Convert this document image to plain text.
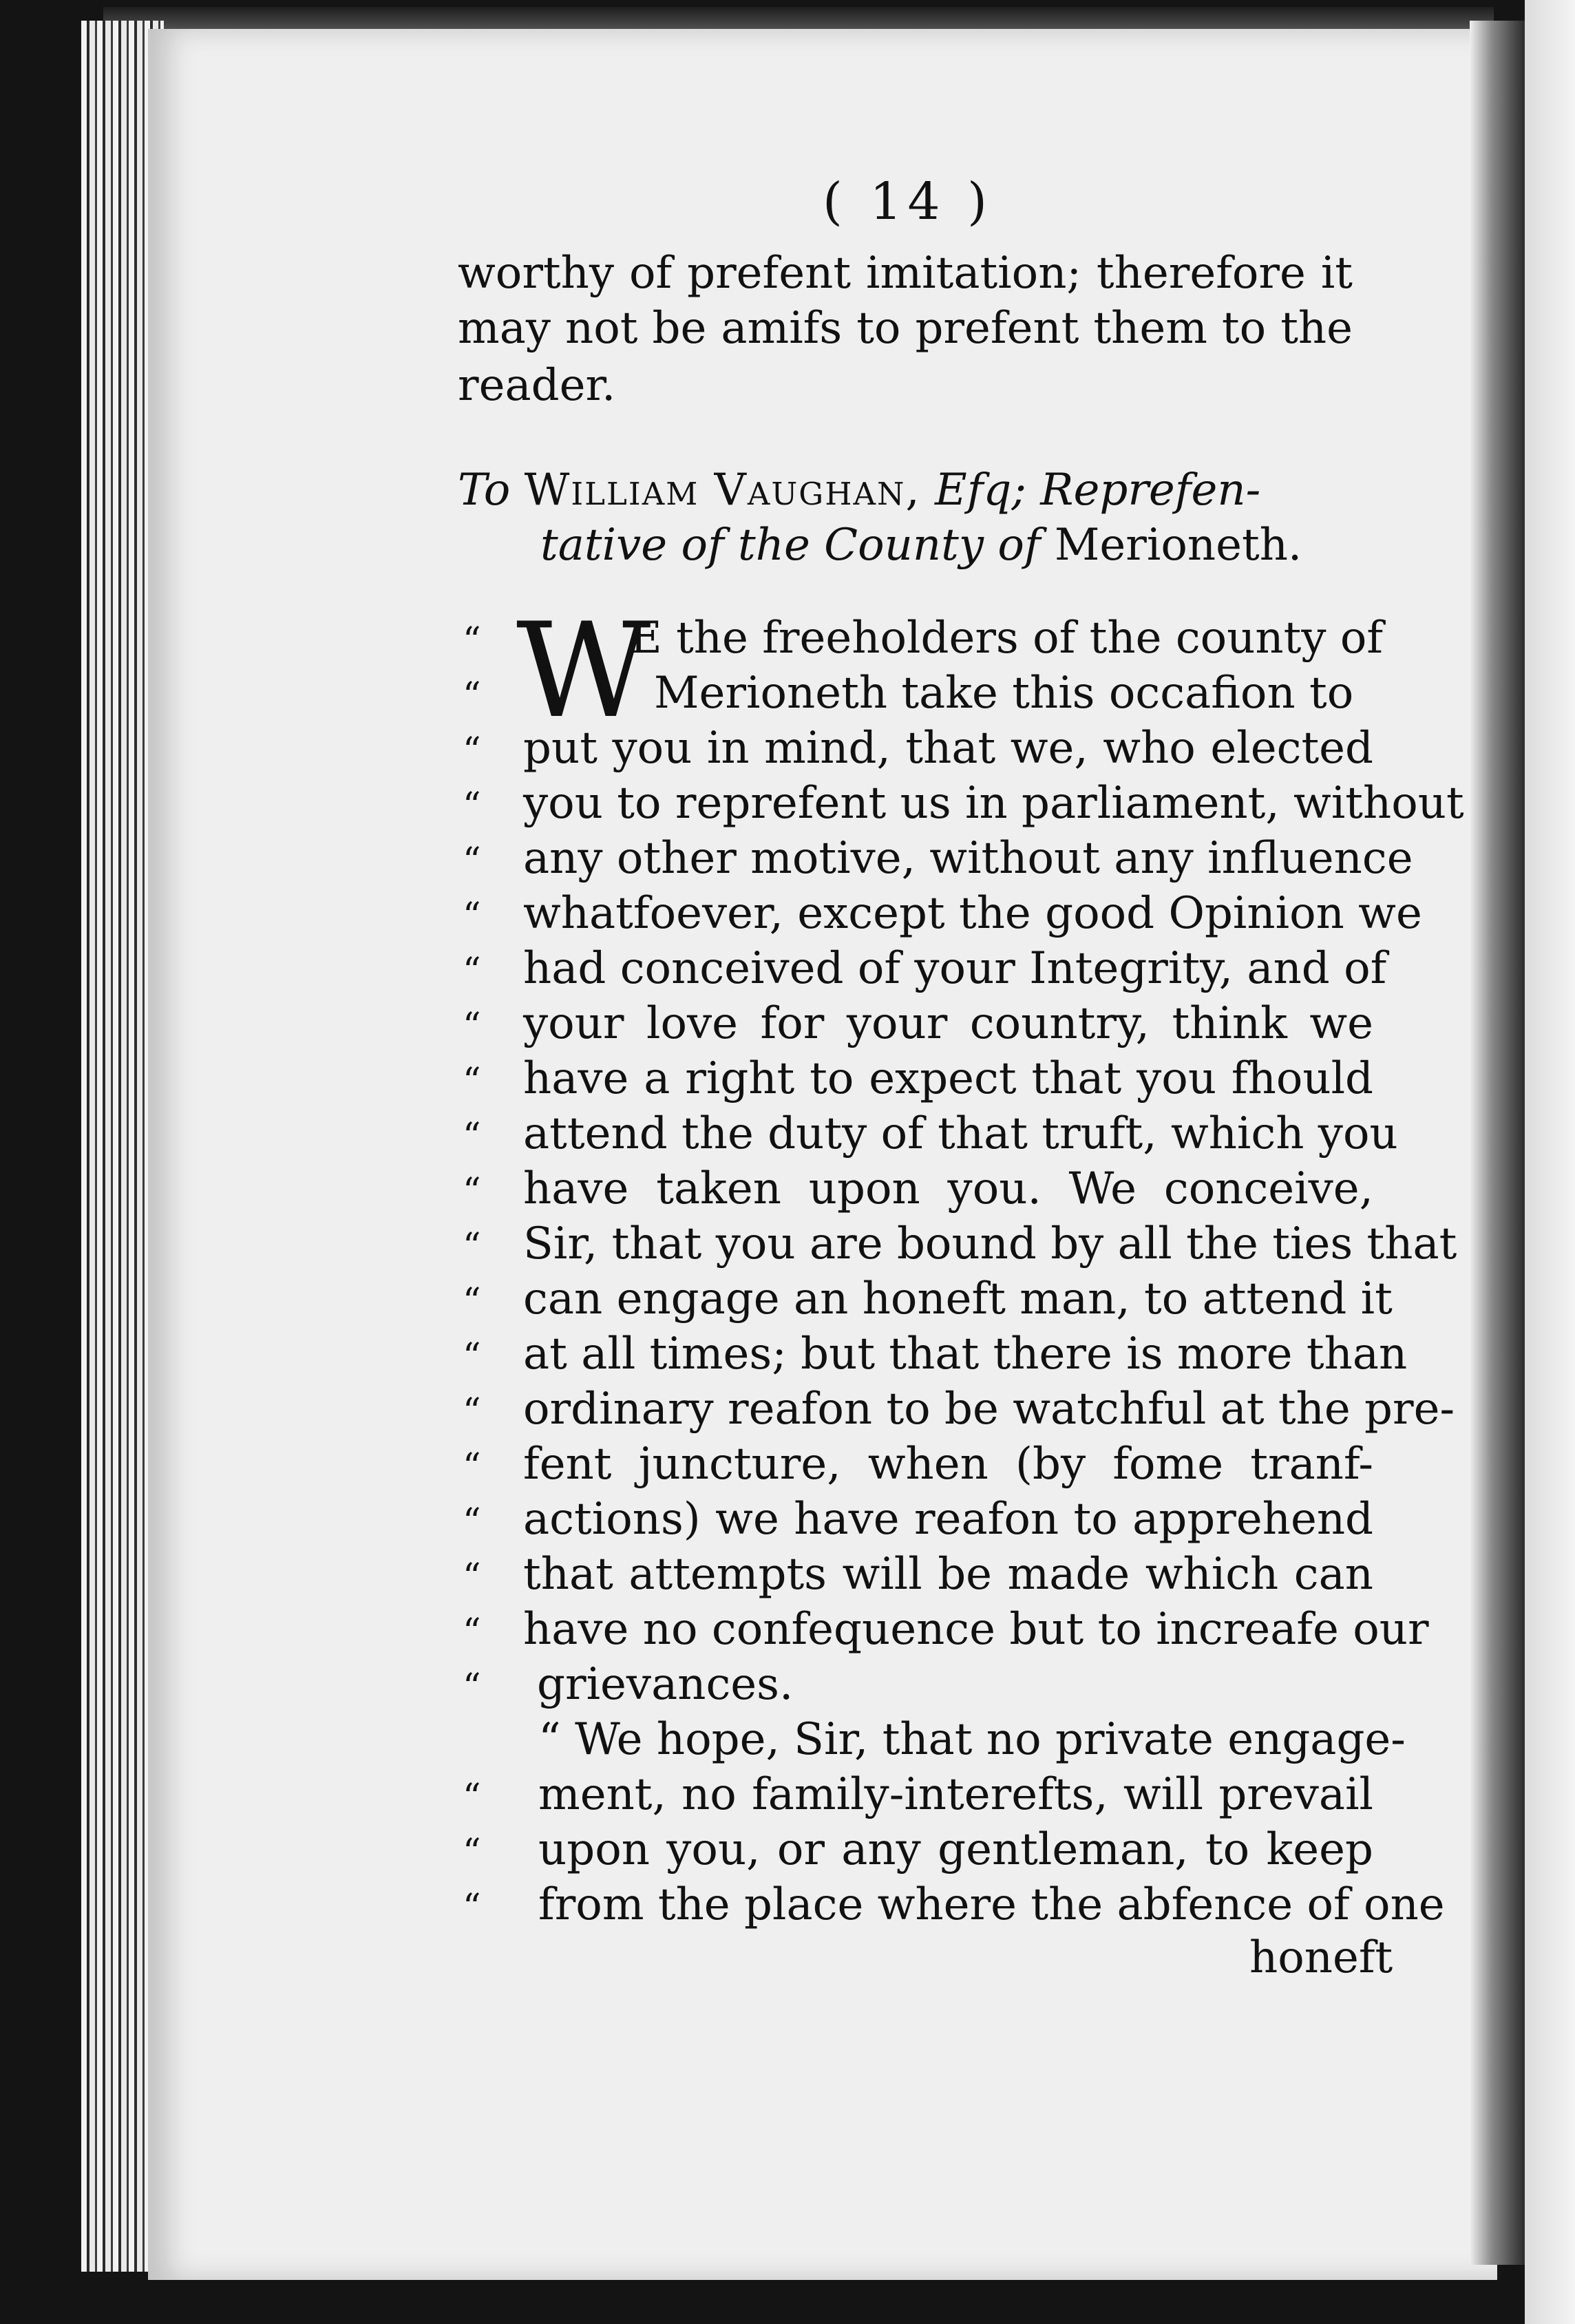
( 14 )
worthy of prefent imitation; therefore it
may not be amifs to prefent them to the
reader.
To William Vaughan, Efq; Reprefen-
tative of the County of Merioneth.
W
“
“
“
“
“
“
“
“
“
“
“
“
“
“
“
“
“
“
“
“
“
“
“
E the freeholders of the county of
Merioneth take this occafion to
put you in mind, that we, who elected
you to reprefent us in parliament, without
any other motive, without any influence
whatfoever, except the good Opinion we
had conceived of your Integrity, and of
your love for your country, think we
have a right to expect that you fhould
attend the duty of that truft, which you
have taken upon you. We conceive,
Sir, that you are bound by all the ties that
can engage an honeft man, to attend it
at all times; but that there is more than
ordinary reafon to be watchful at the pre-
fent juncture, when (by fome tranf-
actions) we have reafon to apprehend
that attempts will be made which can
have no confequence but to increafe our
grievances.
“ We hope, Sir, that no private engage-
ment, no family-interefts, will prevail
upon you, or any gentleman, to keep
from the place where the abfence of one
honeft
